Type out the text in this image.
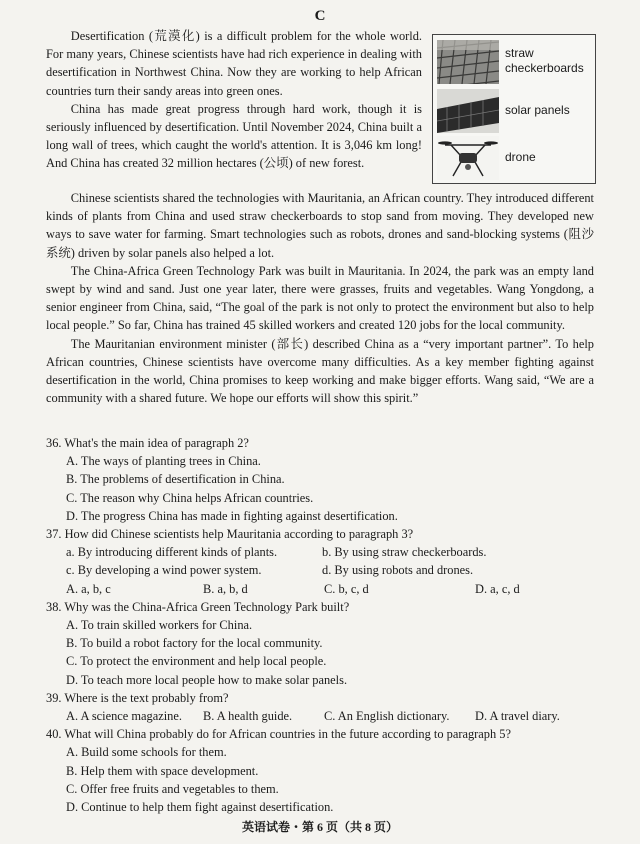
C

Desertification (荒漠化) is a difficult problem for the whole world. For many years, Chinese scientists have had rich experience in dealing with desertification in Northwest China. Now they are working to help African countries turn their sandy areas into green ones.

China has made great progress through hard work, though it is seriously influenced by desertification. Until November 2024, China built a long wall of trees, which caught the world's attention. It is 3,046 km long! And China has created 32 million hectares (公顷) of new forest.

straw
checkerboards
solar panels
drone

Chinese scientists shared the technologies with Mauritania, an African country. They introduced different kinds of plants from China and used straw checkerboards to stop sand from moving. They developed new ways to save water for farming. Smart technologies such as robots, drones and sand-blocking systems (阻沙系统) driven by solar panels also helped a lot.

The China-Africa Green Technology Park was built in Mauritania. In 2024, the park was an empty land swept by wind and sand. Just one year later, there were grasses, fruits and vegetables. Wang Yongdong, a senior engineer from China, said, “The goal of the park is not only to protect the environment but also to help local people.” So far, China has trained 45 skilled workers and created 120 jobs for the local community.

The Mauritanian environment minister (部长) described China as a “very important partner”. To help African countries, Chinese scientists have overcome many difficulties. As a key member fighting against desertification in the world, China promises to keep working and make bigger efforts. Wang said, “We are a community with a shared future. We hope our efforts will show this spirit.”

36. What's the main idea of paragraph 2?

A. The ways of planting trees in China.

B. The problems of desertification in China.

C. The reason why China helps African countries.

D. The progress China has made in fighting against desertification.

37. How did Chinese scientists help Mauritania according to paragraph 3?

a. By introducing different kinds of plants.	b. By using straw checkerboards.
c. By developing a wind power system.	d. By using robots and drones.
A. a, b, c	B. a, b, d	C. b, c, d	D. a, c, d

38. Why was the China-Africa Green Technology Park built?

A. To train skilled workers for China.

B. To build a robot factory for the local community.

C. To protect the environment and help local people.

D. To teach more local people how to make solar panels.

39. Where is the text probably from?

A. A science magazine.	B. A health guide.	C. An English dictionary.	D. A travel diary.

40. What will China probably do for African countries in the future according to paragraph 5?

A. Build some schools for them.

B. Help them with space development.

C. Offer free fruits and vegetables to them.

D. Continue to help them fight against desertification.

英语试卷・第 6 页（共 8 页）
